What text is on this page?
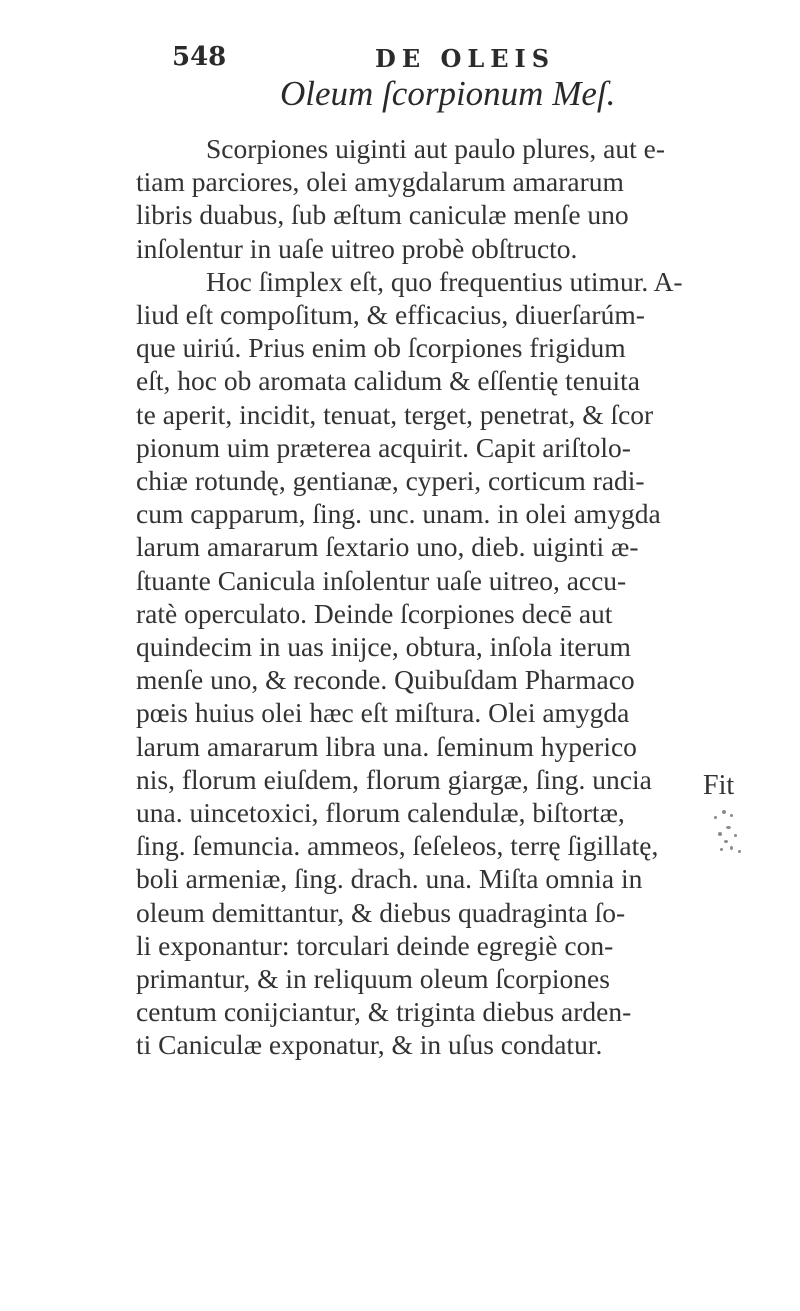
548	DE OLEIS
Oleum ſcorpionum Meſ.
Scorpiones uiginti aut paulo plures, aut e-
tiam parciores, olei amygdalarum amararum
libris duabus, ſub æſtum caniculæ menſe uno
inſolentur in uaſe uitreo probè obſtructo.
Hoc ſimplex eſt, quo frequentius utimur. A-
liud eſt compoſitum, & efficacius, diuerſarúm-
que uiriú. Prius enim ob ſcorpiones frigidum
eſt, hoc ob aromata calidum & eſſentię tenuita
te aperit, incidit, tenuat, terget, penetrat, & ſcor
pionum uim præterea acquirit. Capit ariſtolo-
chiæ rotundę, gentianæ, cyperi, corticum radi-
cum capparum, ſing. unc. unam. in olei amygda
larum amararum ſextario uno, dieb. uiginti æ-
ſtuante Canicula inſolentur uaſe uitreo, accu-
ratè operculato. Deinde ſcorpiones decē aut
quindecim in uas inijce, obtura, inſola iterum
menſe uno, & reconde. Quibuſdam Pharmaco
pœis huius olei hæc eſt miſtura. Olei amygda
larum amararum libra una. ſeminum hyperico
nis, florum eiuſdem, florum giargæ, ſing. uncia
una. uincetoxici, florum calendulæ, biſtortæ,
ſing. ſemuncia. ammeos, ſeſeleos, terrę ſigillatę,
boli armeniæ, ſing. drach. una. Miſta omnia in
oleum demittantur, & diebus quadraginta ſo-
li exponantur: torculari deinde egregiè con-
primantur, & in reliquum oleum ſcorpiones
centum conijciantur, & triginta diebus arden-
ti Caniculæ exponatur, & in uſus condatur.
Fit
